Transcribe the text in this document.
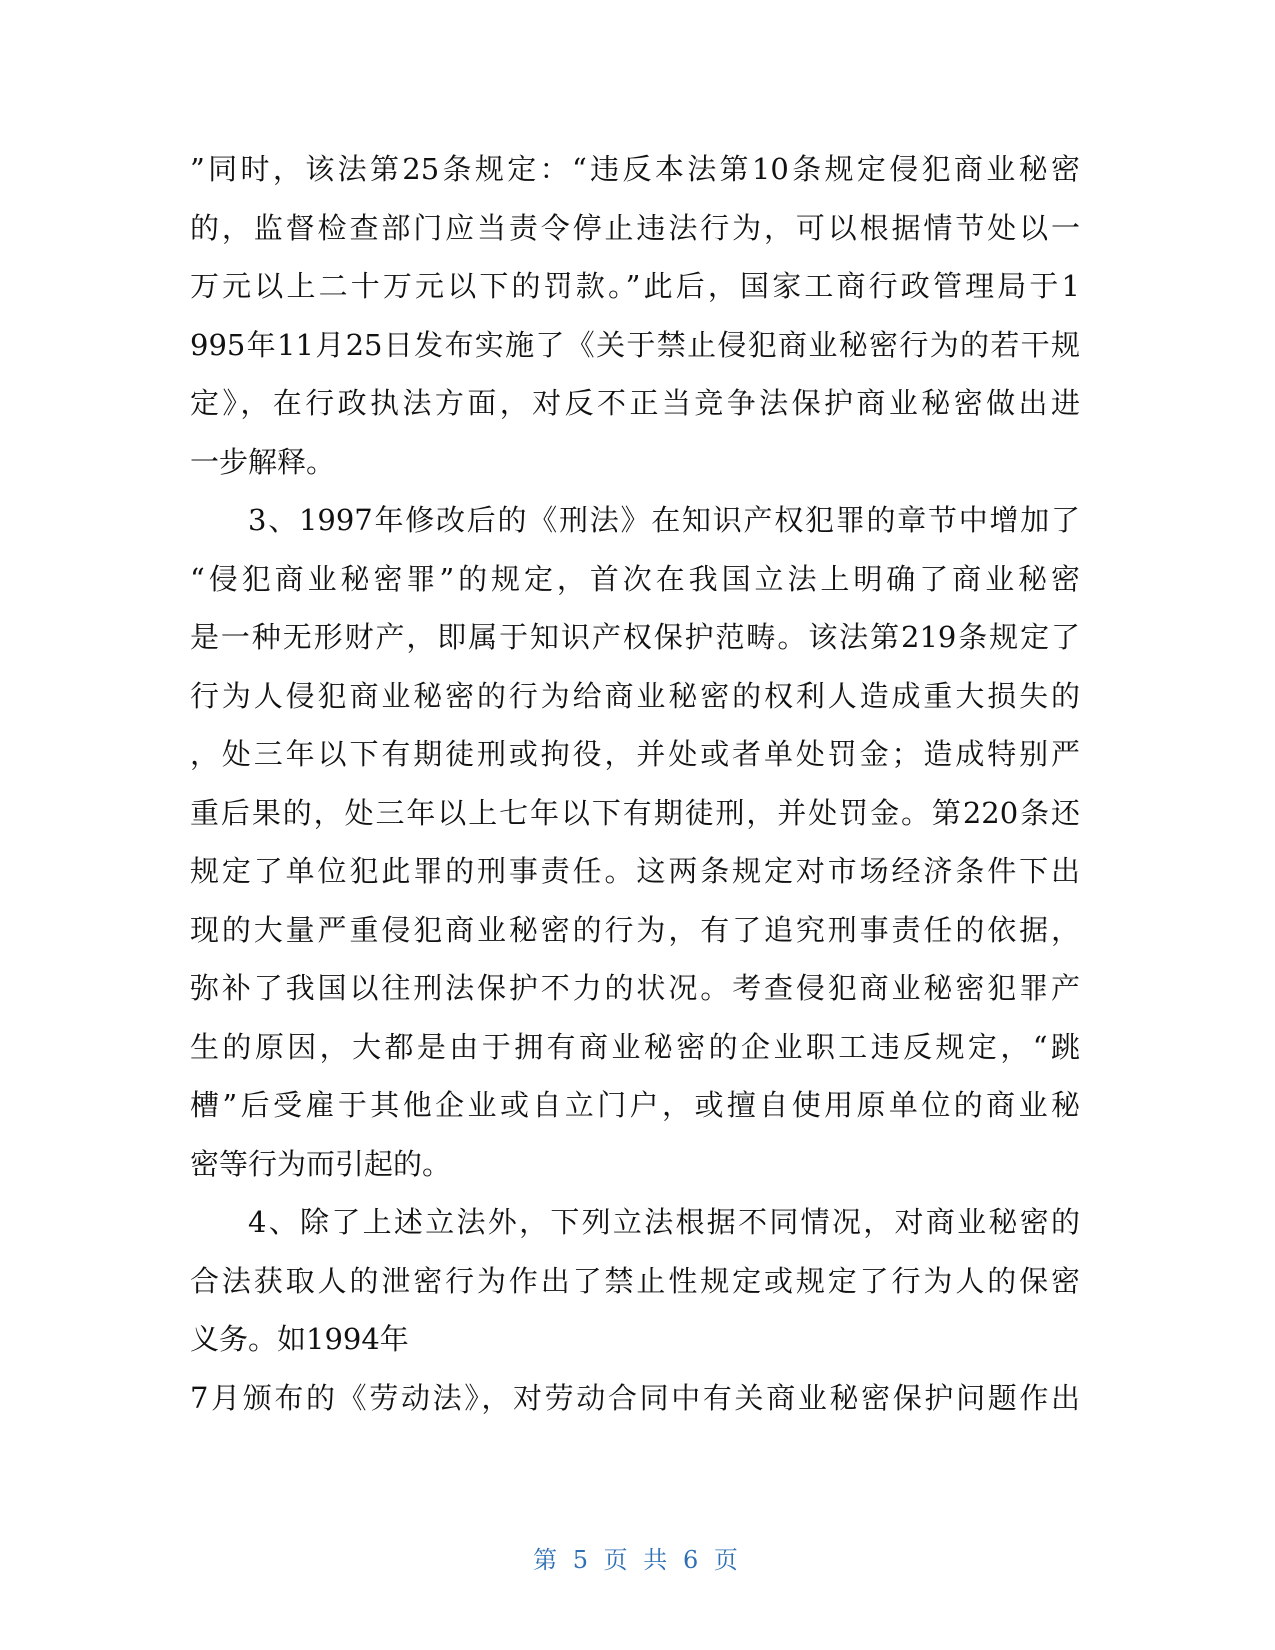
”同时，该法第25条规定：“违反本法第10条规定侵犯商业秘密
的，监督检查部门应当责令停止违法行为，可以根据情节处以一
万元以上二十万元以下的罚款。”此后，国家工商行政管理局于1
995年11月25日发布实施了《关于禁止侵犯商业秘密行为的若干规
定》，在行政执法方面，对反不正当竞争法保护商业秘密做出进
一步解释。
3、1997年修改后的《刑法》在知识产权犯罪的章节中增加了
“侵犯商业秘密罪”的规定，首次在我国立法上明确了商业秘密
是一种无形财产，即属于知识产权保护范畴。该法第219条规定了
行为人侵犯商业秘密的行为给商业秘密的权利人造成重大损失的
，处三年以下有期徒刑或拘役，并处或者单处罚金；造成特别严
重后果的，处三年以上七年以下有期徒刑，并处罚金。第220条还
规定了单位犯此罪的刑事责任。这两条规定对市场经济条件下出
现的大量严重侵犯商业秘密的行为，有了追究刑事责任的依据，
弥补了我国以往刑法保护不力的状况。考查侵犯商业秘密犯罪产
生的原因，大都是由于拥有商业秘密的企业职工违反规定，“跳
槽”后受雇于其他企业或自立门户，或擅自使用原单位的商业秘
密等行为而引起的。
4、除了上述立法外，下列立法根据不同情况，对商业秘密的
合法获取人的泄密行为作出了禁止性规定或规定了行为人的保密
义务。如1994年
7月颁布的《劳动法》，对劳动合同中有关商业秘密保护问题作出
第 5 页 共 6 页
